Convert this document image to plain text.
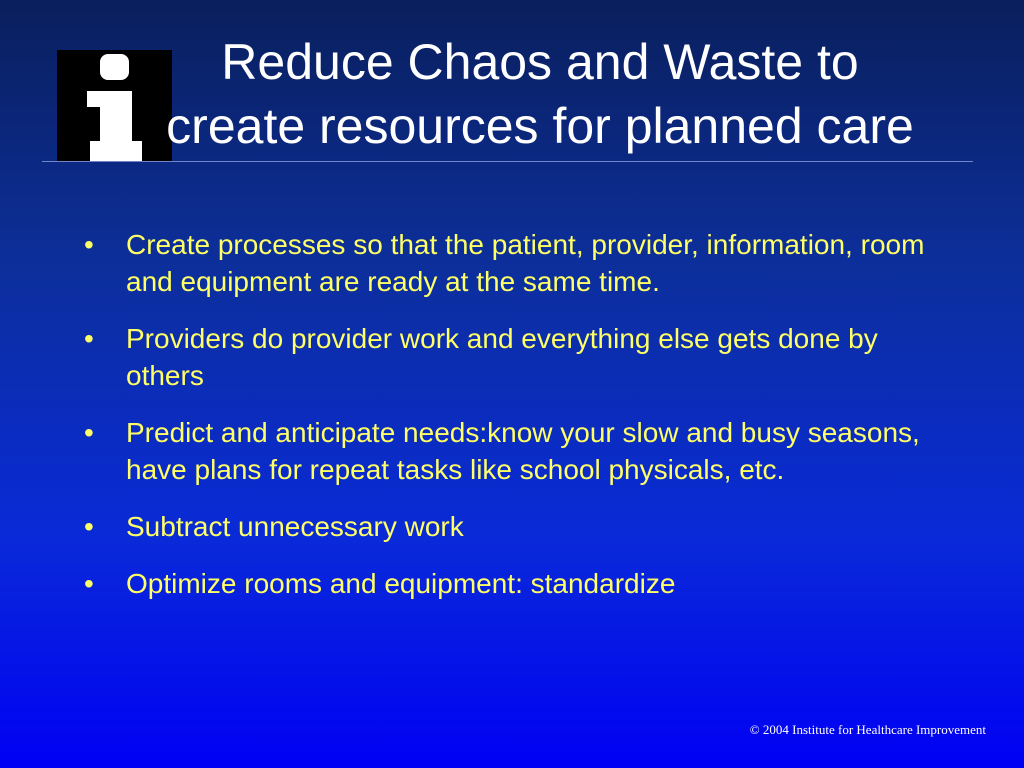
Reduce Chaos and Waste to
create resources for planned care
• Create processes so that the patient, provider, information, room and equipment are ready at the same time.
• Providers do provider work and everything else gets done by others
• Predict and anticipate needs:know your slow and busy seasons, have plans for repeat tasks like school physicals, etc.
• Subtract unnecessary work
• Optimize rooms and equipment: standardize
© 2004 Institute for Healthcare Improvement
